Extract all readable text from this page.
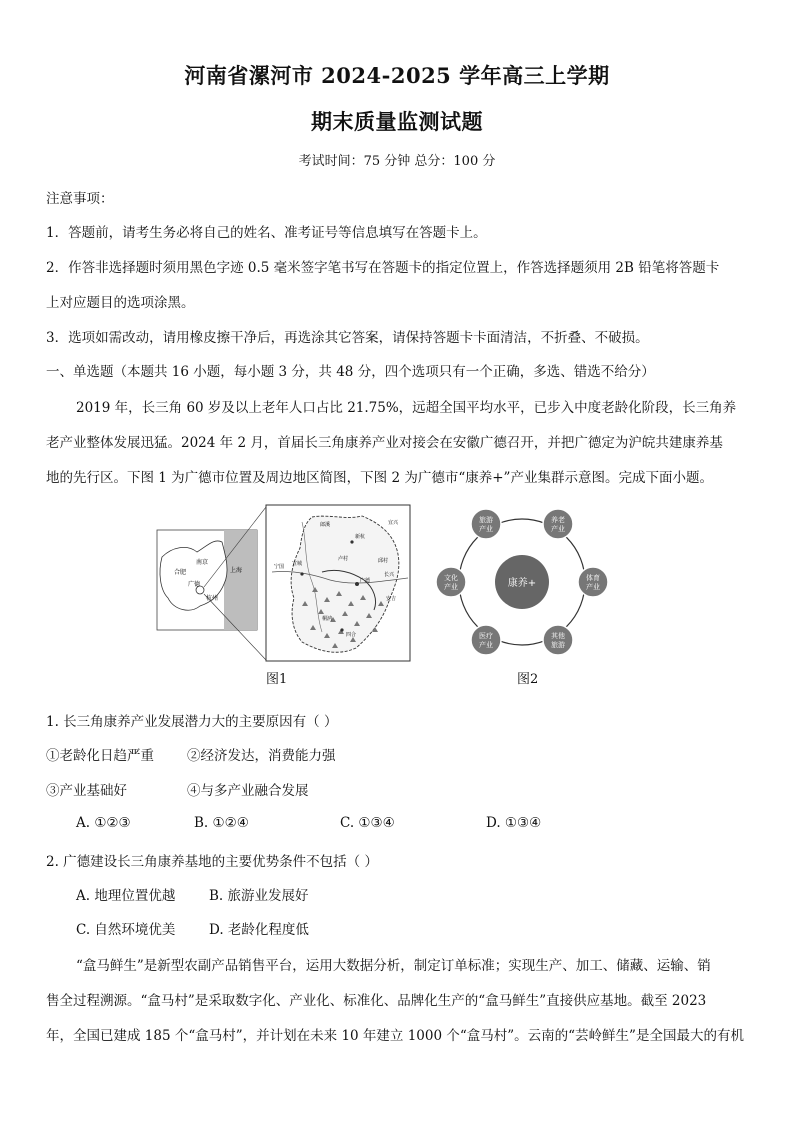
河南省漯河市 2024-2025 学年高三上学期
期末质量监测试题
考试时间：75 分钟 总分：100 分
注意事项：
1．答题前，请考生务必将自己的姓名、准考证号等信息填写在答题卡上。
2．作答非选择题时须用黑色字迹 0.5 毫米签字笔书写在答题卡的指定位置上，作答选择题须用 2B 铅笔将答题卡
上对应题目的选项涂黑。
3．选项如需改动，请用橡皮擦干净后，再选涂其它答案，请保持答题卡卡面清洁，不折叠、不破损。
一、单选题（本题共 16 小题，每小题 3 分，共 48 分，四个选项只有一个正确，多选、错选不给分）
2019 年，长三角 60 岁及以上老年人口占比 21.75%，远超全国平均水平，已步入中度老龄化阶段，长三角养
老产业整体发展迅猛。2024 年 2 月，首届长三角康养产业对接会在安徽广德召开，并把广德定为沪皖共建康养基
地的先行区。下图 1 为广德市位置及周边地区简图，下图 2 为广德市“康养+”产业集群示意图。完成下面小题。
合肥
南京
上海
杭州
广德
宣城
郎溪
广德
新杭
四合
桐汭
卢村	邱村
宜兴
长兴
安吉
宁国
图1
康养+
旅游
产业
养老
产业
体育
产业
其他
旅游
医疗
产业
文化
产业
图2
1. 长三角康养产业发展潜力大的主要原因有（ ）
①老龄化日趋严重 ②经济发达，消费能力强
③产业基础好	④与多产业融合发展
A. ①②③	B. ①②④	C. ①③④	D. ①③④
2. 广德建设长三角康养基地的主要优势条件不包括（ ）
A. 地理位置优越 B. 旅游业发展好
C. 自然环境优美 D. 老龄化程度低
“盒马鲜生”是新型农副产品销售平台，运用大数据分析，制定订单标准；实现生产、加工、储藏、运输、销
售全过程溯源。“盒马村”是采取数字化、产业化、标准化、品牌化生产的“盒马鲜生”直接供应基地。截至 2023
年，全国已建成 185 个“盒马村”，并计划在未来 10 年建立 1000 个“盒马村”。云南的“芸岭鲜生”是全国最大的有机
